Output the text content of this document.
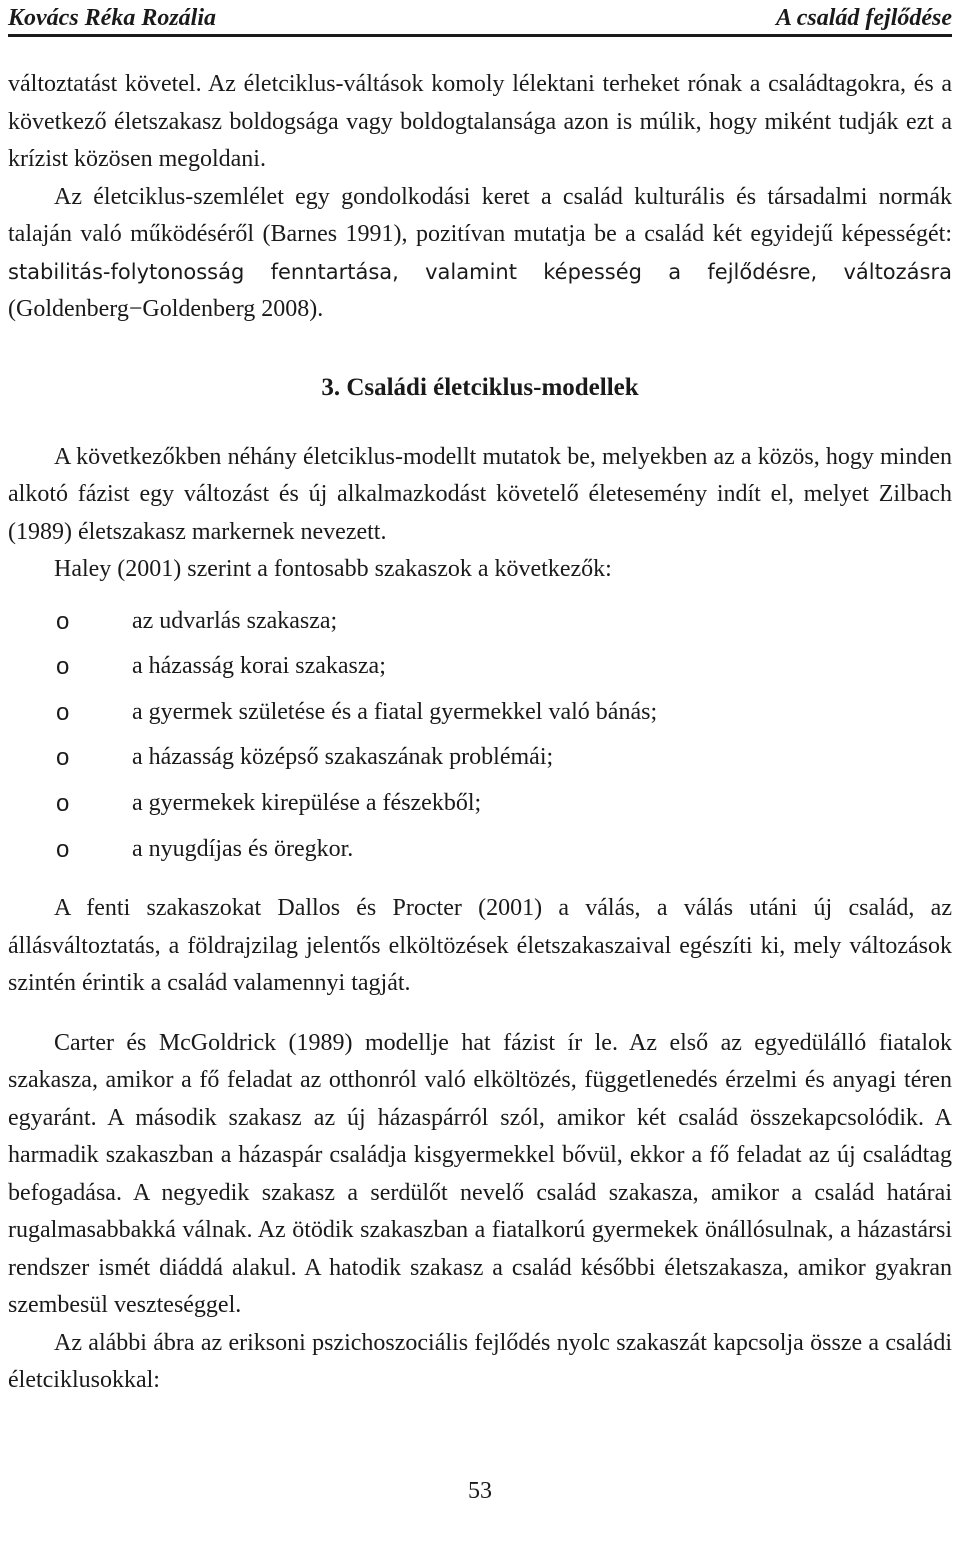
Kovács Réka Rozália	A család fejlődése

változtatást követel. Az életciklus-váltások komoly lélektani terheket rónak a családtagokra, és a következő életszakasz boldogsága vagy boldogtalansága azon is múlik, hogy miként tudják ezt a krízist közösen megoldani.

Az életciklus-szemlélet egy gondolkodási keret a család kulturális és társadalmi normák talaján való működéséről (Barnes 1991), pozitívan mutatja be a család két egyidejű képességét: stabilitás-folytonosság fenntartása, valamint képesség a fejlődésre, változásra (Goldenberg−Goldenberg 2008).

3. Családi életciklus-modellek

A következőkben néhány életciklus-modellt mutatok be, melyekben az a közös, hogy minden alkotó fázist egy változást és új alkalmazkodást követelő életesemény indít el, melyet Zilbach (1989) életszakasz markernek nevezett.

Haley (2001) szerint a fontosabb szakaszok a következők:

o	az udvarlás szakasza;
o	a házasság korai szakasza;
o	a gyermek születése és a fiatal gyermekkel való bánás;
o	a házasság középső szakaszának problémái;
o	a gyermekek kirepülése a fészekből;
o	a nyugdíjas és öregkor.

A fenti szakaszokat Dallos és Procter (2001) a válás, a válás utáni új család, az állásváltoztatás, a földrajzilag jelentős elköltözések életszakaszaival egészíti ki, mely változások szintén érintik a család valamennyi tagját.

Carter és McGoldrick (1989) modellje hat fázist ír le. Az első az egyedülálló fiatalok szakasza, amikor a fő feladat az otthonról való elköltözés, függetlenedés érzelmi és anyagi téren egyaránt. A második szakasz az új házaspárról szól, amikor két család összekapcsolódik. A harmadik szakaszban a házaspár családja kisgyermekkel bővül, ekkor a fő feladat az új családtag befogadása. A negyedik szakasz a serdülőt nevelő család szakasza, amikor a család határai rugalmasabbakká válnak. Az ötödik szakaszban a fiatalkorú gyermekek önállósulnak, a házastársi rendszer ismét diáddá alakul. A hatodik szakasz a család későbbi életszakasza, amikor gyakran szembesül veszteséggel.

Az alábbi ábra az eriksoni pszichoszociális fejlődés nyolc szakaszát kapcsolja össze a családi életciklusokkal:

53
